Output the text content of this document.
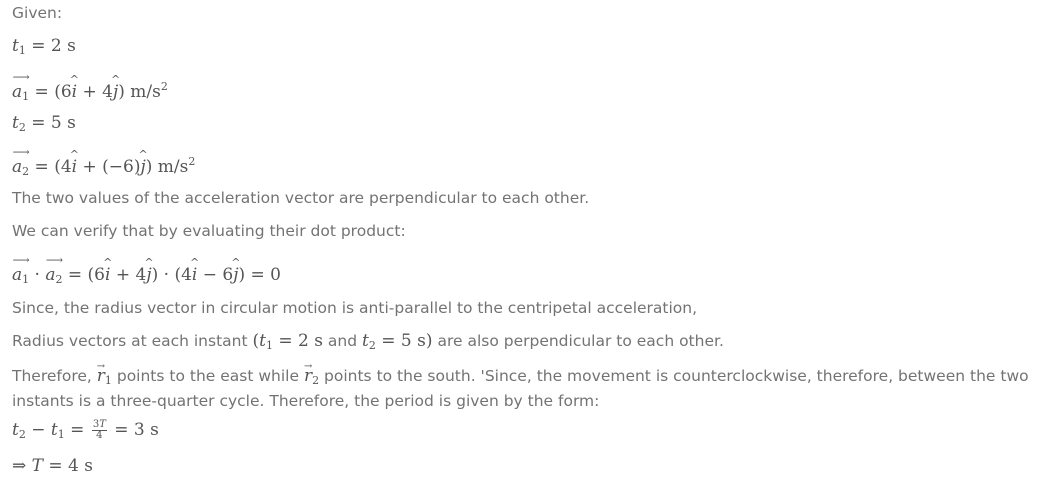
Given:
$t_1 = 2$ s
⟶
$a_1 = (6i$ ^ + 4j ^) $m/s^2$
$t_2 = 5$ s
⟶
$a_2 = (4i$ ^ + (−6)j ^) $m/s^2$
The two values of the acceleration vector are perpendicular to each other.
We can verify that by evaluating their dot product:
⟶
$a_1$ ·
⟶
$a_2 = (6i$ ^ + 4j ^) · (4i ^ − 6j ^) = 0
Since, the radius vector in circular motion is anti-parallel to the centripetal acceleration,
Radius vectors at each instant ($t_1 = 2$ s and $t_2 = 5$ s) are also perpendicular to each other.
Therefore, $r \to_1$ points to the east while $r \to_2$ points to the south. 'Since, the movement is counterclockwise, therefore, between the two instants is a three-quarter cycle. Therefore, the period is given by the form:
$t_2 - t_1 = \frac{3T}{4} = 3$ s
⇒ T = 4 s
